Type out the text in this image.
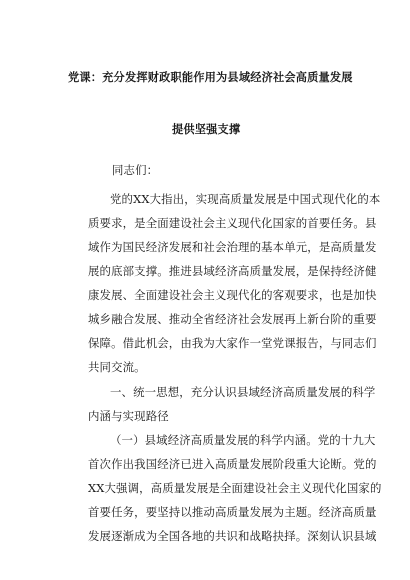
党课：充分发挥财政职能作用为县域经济社会高质量发展
提供坚强支撑
同志们：
党的XX大指出，实现高质量发展是中国式现代化的本
质要求，是全面建设社会主义现代化国家的首要任务。县
域作为国民经济发展和社会治理的基本单元，是高质量发
展的底部支撑。推进县域经济高质量发展，是保持经济健
康发展、全面建设社会主义现代化的客观要求，也是加快
城乡融合发展、推动全省经济社会发展再上新台阶的重要
保障。借此机会，由我为大家作一堂党课报告，与同志们
共同交流。
一、统一思想，充分认识县域经济高质量发展的科学
内涵与实现路径
（一）县域经济高质量发展的科学内涵。党的十九大
首次作出我国经济已进入高质量发展阶段重大论断。党的
XX大强调，高质量发展是全面建设社会主义现代化国家的
首要任务，要坚持以推动高质量发展为主题。经济高质量
发展逐渐成为全国各地的共识和战略抉择。深刻认识县域
